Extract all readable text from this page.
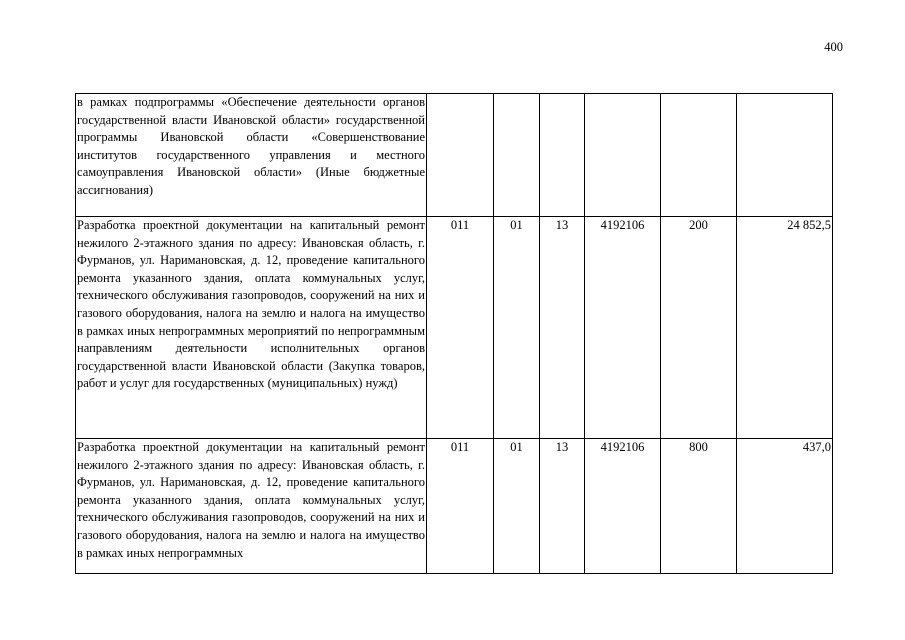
400
в рамках подпрограммы «Обеспечение деятельности органов государственной власти Ивановской области» государственной программы Ивановской области «Совершенствование институтов государственного управления и местного самоуправления Ивановской области» (Иные бюджетные ассигнования)						
Разработка проектной документации на капитальный ремонт нежилого 2-этажного здания по адресу: Ивановская область, г. Фурманов, ул. Наримановская, д. 12, проведение капитального ремонта указанного здания, оплата коммунальных услуг, технического обслуживания газопроводов, сооружений на них и газового оборудования, налога на землю и налога на имущество в рамках иных непрограммных мероприятий по непрограммным направлениям деятельности исполнительных органов государственной власти Ивановской области (Закупка товаров, работ и услуг для государственных (муниципальных) нужд)	011	01	13	4192106	200	24 852,5
Разработка проектной документации на капитальный ремонт нежилого 2-этажного здания по адресу: Ивановская область, г. Фурманов, ул. Наримановская, д. 12, проведение капитального ремонта указанного здания, оплата коммунальных услуг, технического обслуживания газопроводов, сооружений на них и газового оборудования, налога на землю и налога на имущество в рамках иных непрограммных	011	01	13	4192106	800	437,0
